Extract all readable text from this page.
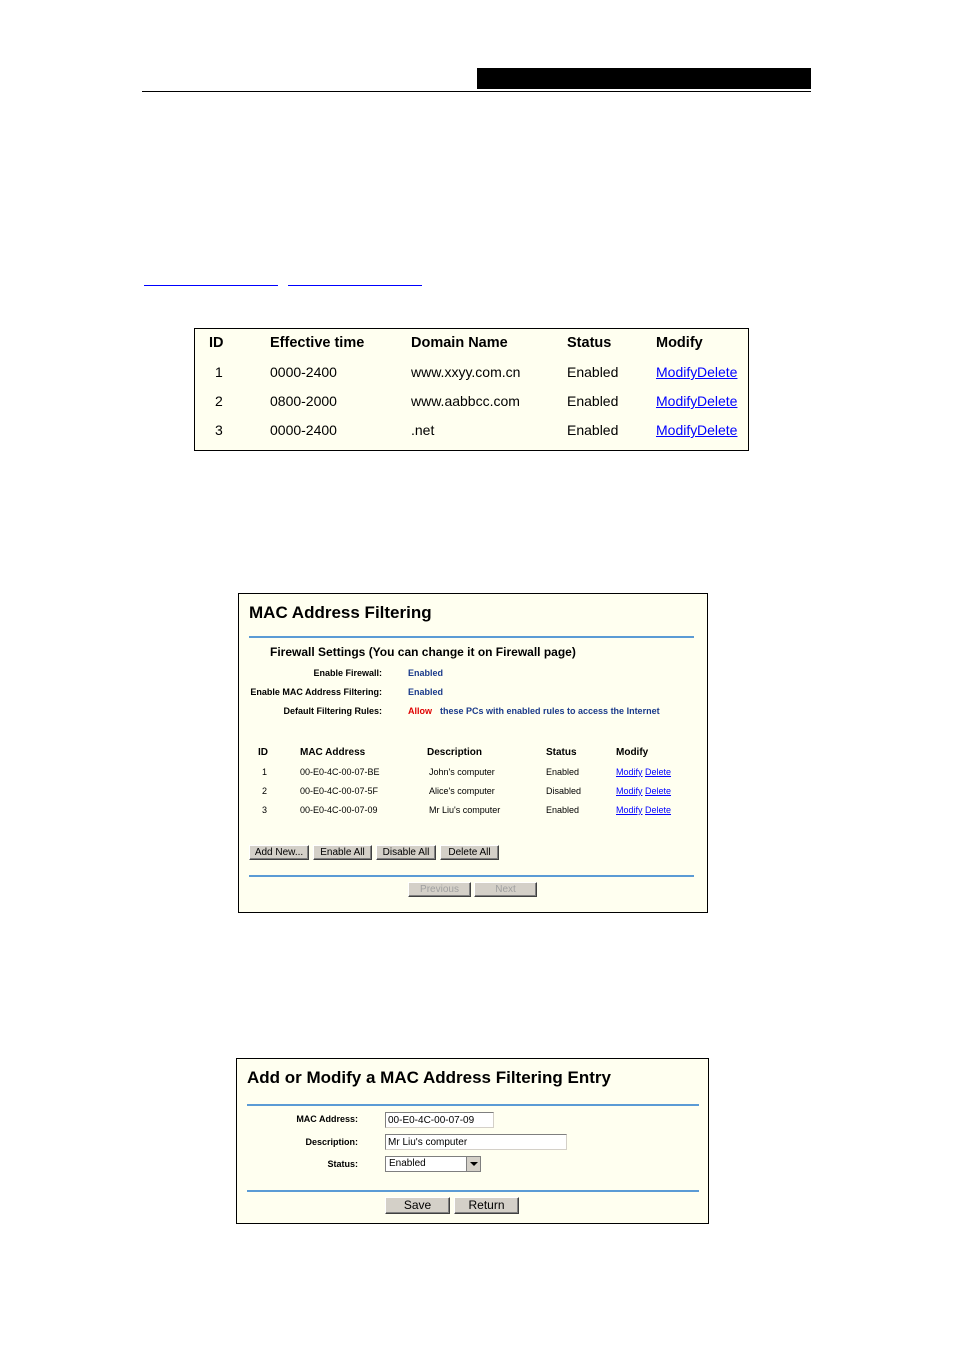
ID	Effective time	Domain Name	Status	Modify
1	0000-2400	www.xxyy.com.cn	Enabled	Modify Delete
2	0800-2000	www.aabbcc.com	Enabled	Modify Delete
3	0000-2400	.net	Enabled	Modify Delete
MAC Address Filtering
Firewall Settings (You can change it on Firewall page)
Enable Firewall:	Enabled
Enable MAC Address Filtering:	Enabled
Default Filtering Rules:	Allow these PCs with enabled rules to access the Internet
ID	MAC Address	Description	Status	Modify
1	00-E0-4C-00-07-BE	John's computer	Enabled	Modify Delete
2	00-E0-4C-00-07-5F	Alice's computer	Disabled	Modify Delete
3	00-E0-4C-00-07-09	Mr Liu's computer	Enabled	Modify Delete
Add New...	Enable All	Disable All	Delete All
Previous	Next
Add or Modify a MAC Address Filtering Entry
MAC Address:
00-E0-4C-00-07-09
Description:
Mr Liu's computer
Status:	Enabled
Save	Return
